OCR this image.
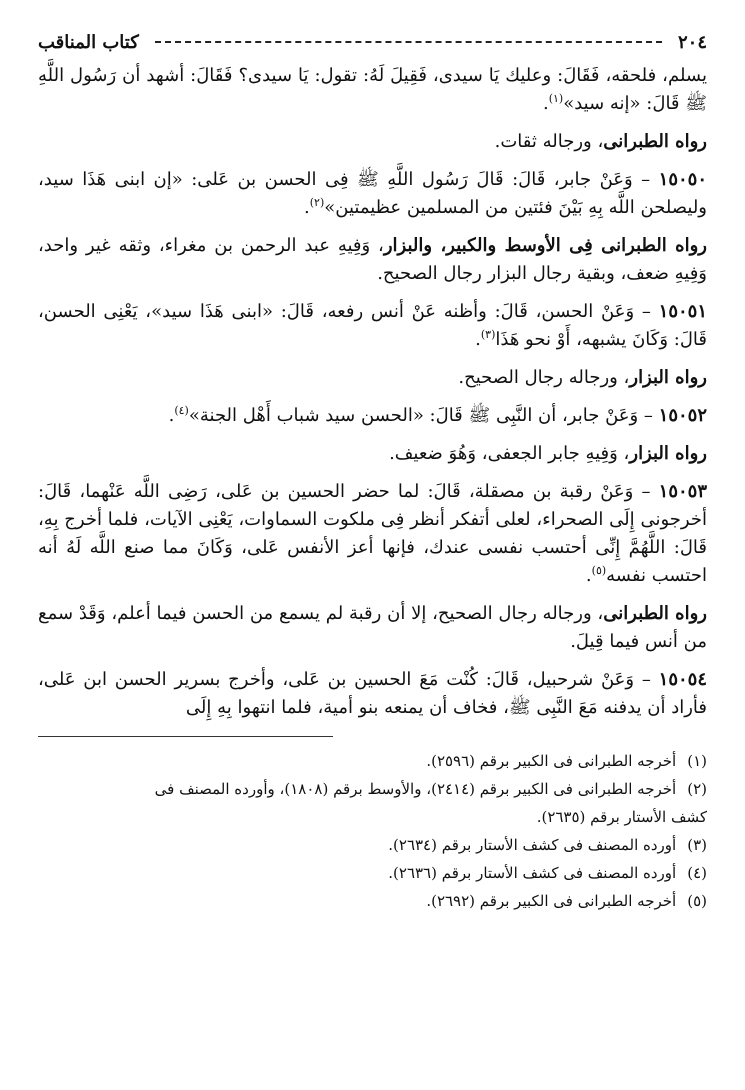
٢٠٤
كتاب المناقب

يسلم، فلحقه، فَقَالَ: وعليك يَا سيدى، فَقِيلَ لَهُ: تقول: يَا سيدى؟ فَقَالَ: أشهد أن رَسُول اللَّهِ ﷺ قَالَ: «إنه سيد»$^{(١)}$.

رواه الطبرانى، ورجاله ثقات.

١٥٠٥٠ – وَعَنْ جابر، قَالَ: قَالَ رَسُول اللَّهِ ﷺ فِى الحسن بن عَلى: «إن ابنى هَذَا سيد، وليصلحن اللَّه بِهِ بَيْنَ فئتين من المسلمين عظيمتين»$^{(٢)}$.

رواه الطبرانى فِى الأوسط والكبير، والبزار، وَفِيهِ عبد الرحمن بن مغراء، وثقه غير واحد، وَفِيهِ ضعف، وبقية رجال البزار رجال الصحيح.

١٥٠٥١ – وَعَنْ الحسن، قَالَ: وأظنه عَنْ أنس رفعه، قَالَ: «ابنى هَذَا سيد»، يَعْنِى الحسن، قَالَ: وَكَانَ يشبهه، أَوْ نحو هَذَا$^{(٣)}$.

رواه البزار، ورجاله رجال الصحيح.

١٥٠٥٢ – وَعَنْ جابر، أن النَّبِى ﷺ قَالَ: «الحسن سيد شباب أَهْل الجنة»$^{(٤)}$.

رواه البزار، وَفِيهِ جابر الجعفى، وَهُوَ ضعيف.

١٥٠٥٣ – وَعَنْ رقبة بن مصقلة، قَالَ: لما حضر الحسين بن عَلى، رَضِى اللَّه عَنْهما، قَالَ: أخرجونى إِلَى الصحراء، لعلى أتفكر أنظر فِى ملكوت السماوات، يَعْنِى الآيات، فلما أخرج بِهِ، قَالَ: اللَّهُمَّ إِنِّى أحتسب نفسى عندك، فإنها أعز الأنفس عَلى، وَكَانَ مما صنع اللَّه لَهُ أنه احتسب نفسه$^{(٥)}$.

رواه الطبرانى، ورجاله رجال الصحيح، إلا أن رقبة لم يسمع من الحسن فيما أعلم، وَقَدْ سمع من أنس فيما قِيلَ.

١٥٠٥٤ – وَعَنْ شرحبيل، قَالَ: كُنْت مَعَ الحسين بن عَلى، وأخرج بسرير الحسن ابن عَلى، فأراد أن يدفنه مَعَ النَّبِى ﷺ، فخاف أن يمنعه بنو أمية، فلما انتهوا بِهِ إِلَى

(١) أخرجه الطبرانى فى الكبير برقم (٢٥٩٦).

(٢) أخرجه الطبرانى فى الكبير برقم (٢٤١٤)، والأوسط برقم (١٨٠٨)، وأورده المصنف فى

كشف الأستار برقم (٢٦٣٥).

(٣) أورده المصنف فى كشف الأستار برقم (٢٦٣٤).

(٤) أورده المصنف فى كشف الأستار برقم (٢٦٣٦).

(٥) أخرجه الطبرانى فى الكبير برقم (٢٦٩٢).
